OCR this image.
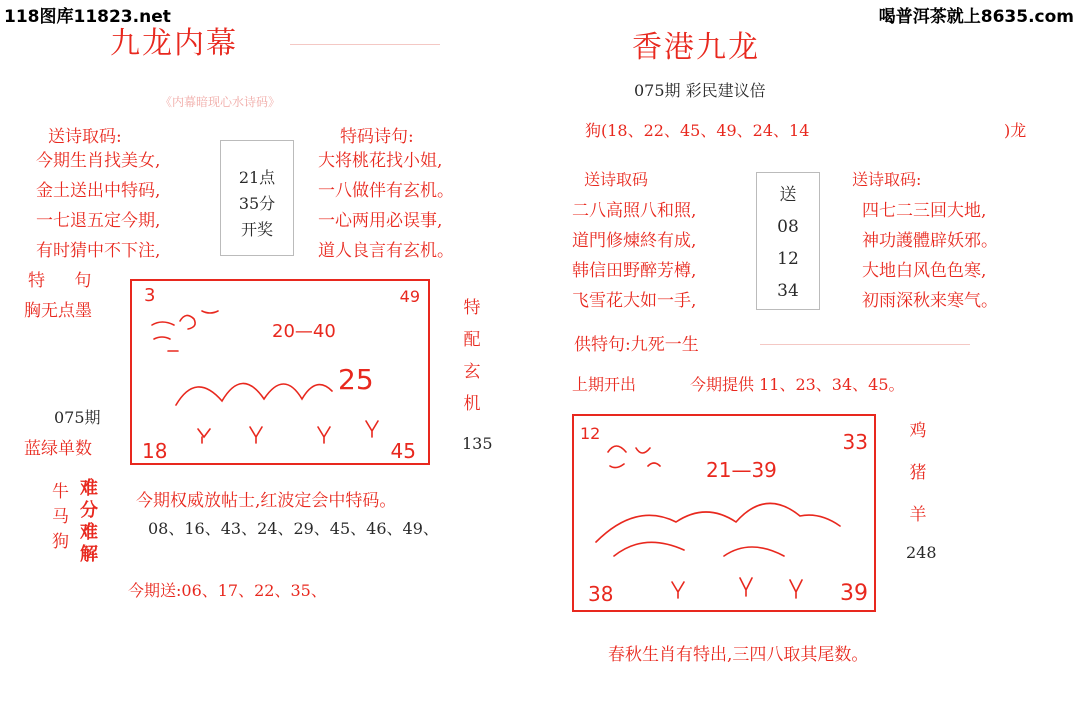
118图库11823.net	喝普洱茶就上8635.com
九龙内幕
《内幕暗现心水诗码》
送诗取码:
今期生肖找美女,
金土送出中特码,
一七退五定今期,
有时猜中不下注,
21点
35分
开奖
特码诗句:
大将桃花找小姐,
一八做伴有玄机。
一心两用必误事,
道人良言有玄机。
特 句
胸无点墨
075期
蓝绿单数
3	49
20—40
25
18	45
特
配
玄
机
135
牛
马
狗
难
分
难
解
今期权威放帖士,红波定会中特码。
08、16、43、24、29、45、46、49、
今期送:06、17、22、35、
香港九龙
075期 彩民建议倍
狗(18、22、45、49、24、14	)龙
送诗取码	送诗取码:
二八高照八和照,
道門修煉終有成,
韩信田野醉芳樽,
飞雪花大如一手,
送
08
12
34
四七二三回大地,
神功護體辟妖邪。
大地白风色色寒,
初雨深秋来寒气。
供特句:九死一生
上期开出	今期提供 11、23、34、45。
12	33
21—39
38	39
鸡
猪
羊
248
春秋生肖有特出,三四八取其尾数。
